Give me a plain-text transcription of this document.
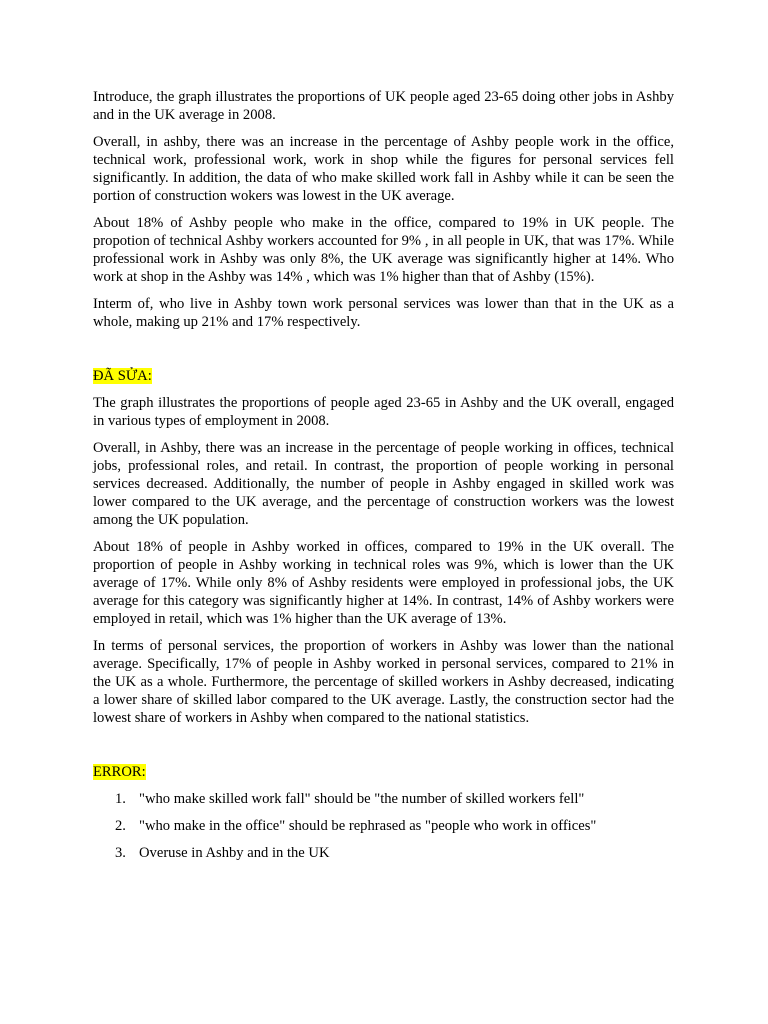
Introduce, the graph illustrates the proportions of UK people aged 23-65 doing other jobs in Ashby and in the UK average in 2008.

Overall, in ashby, there was an increase in the percentage of Ashby people work in the office, technical work, professional work, work in shop while the figures for personal services fell significantly. In addition, the data of who make skilled work fall in Ashby while it can be seen the portion of construction wokers was lowest in the UK average.

About 18% of Ashby people who make in the office, compared to 19% in UK people. The propotion of technical Ashby workers accounted for 9% , in all people in UK, that was 17%. While professional work in Ashby was only 8%, the UK average was significantly higher at 14%. Who work at shop in the Ashby was 14% , which was 1% higher than that of Ashby (15%).

Interm of, who live in Ashby town work personal services was lower than that in the UK as a whole, making up 21% and 17% respectively.

ĐÃ SỬA:

The graph illustrates the proportions of people aged 23-65 in Ashby and the UK overall, engaged in various types of employment in 2008.

Overall, in Ashby, there was an increase in the percentage of people working in offices, technical jobs, professional roles, and retail. In contrast, the proportion of people working in personal services decreased. Additionally, the number of people in Ashby engaged in skilled work was lower compared to the UK average, and the percentage of construction workers was the lowest among the UK population.

About 18% of people in Ashby worked in offices, compared to 19% in the UK overall. The proportion of people in Ashby working in technical roles was 9%, which is lower than the UK average of 17%. While only 8% of Ashby residents were employed in professional jobs, the UK average for this category was significantly higher at 14%. In contrast, 14% of Ashby workers were employed in retail, which was 1% higher than the UK average of 13%.

In terms of personal services, the proportion of workers in Ashby was lower than the national average. Specifically, 17% of people in Ashby worked in personal services, compared to 21% in the UK as a whole. Furthermore, the percentage of skilled workers in Ashby decreased, indicating a lower share of skilled labor compared to the UK average. Lastly, the construction sector had the lowest share of workers in Ashby when compared to the national statistics.

ERROR:

1. "who make skilled work fall" should be "the number of skilled workers fell"
2. "who make in the office" should be rephrased as "people who work in offices"
3. Overuse in Ashby and in the UK
